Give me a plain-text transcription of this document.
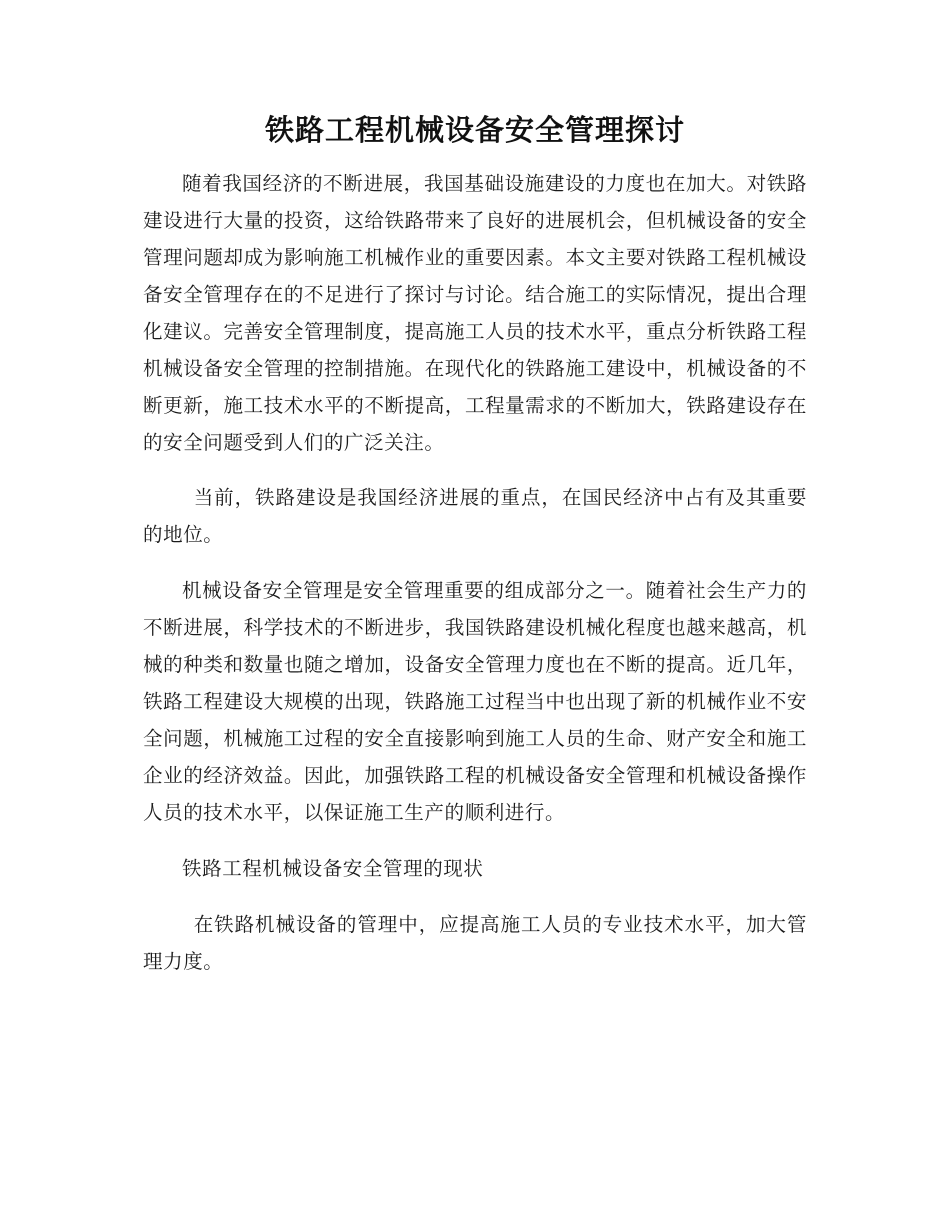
铁路工程机械设备安全管理探讨

随着我国经济的不断进展，我国基础设施建设的力度也在加大。对铁路建设进行大量的投资，这给铁路带来了良好的进展机会，但机械设备的安全管理问题却成为影响施工机械作业的重要因素。本文主要对铁路工程机械设备安全管理存在的不足进行了探讨与讨论。结合施工的实际情况，提出合理化建议。完善安全管理制度，提高施工人员的技术水平，重点分析铁路工程机械设备安全管理的控制措施。在现代化的铁路施工建设中，机械设备的不断更新，施工技术水平的不断提高，工程量需求的不断加大，铁路建设存在的安全问题受到人们的广泛关注。

当前，铁路建设是我国经济进展的重点，在国民经济中占有及其重要的地位。

机械设备安全管理是安全管理重要的组成部分之一。随着社会生产力的不断进展，科学技术的不断进步，我国铁路建设机械化程度也越来越高，机械的种类和数量也随之增加，设备安全管理力度也在不断的提高。近几年，铁路工程建设大规模的出现，铁路施工过程当中也出现了新的机械作业不安全问题，机械施工过程的安全直接影响到施工人员的生命、财产安全和施工企业的经济效益。因此，加强铁路工程的机械设备安全管理和机械设备操作人员的技术水平，以保证施工生产的顺利进行。

铁路工程机械设备安全管理的现状

在铁路机械设备的管理中，应提高施工人员的专业技术水平，加大管理力度。
